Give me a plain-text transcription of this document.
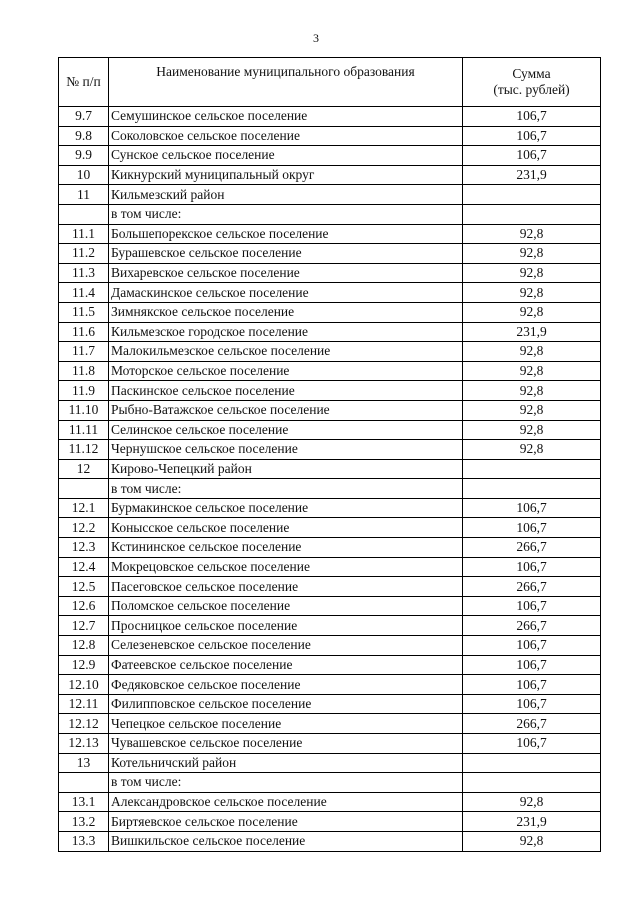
3
№ п/п	Наименование муниципального образования	Сумма
(тыс. рублей)

9.7	Семушинское сельское поселение	106,7
9.8	Соколовское сельское поселение	106,7
9.9	Сунское сельское поселение	106,7
10	Кикнурский муниципальный округ	231,9
11	Кильмезский район	
	в том числе:	
11.1	Большепорекское сельское поселение	92,8
11.2	Бурашевское сельское поселение	92,8
11.3	Вихаревское сельское поселение	92,8
11.4	Дамаскинское сельское поселение	92,8
11.5	Зимнякское сельское поселение	92,8
11.6	Кильмезское городское поселение	231,9
11.7	Малокильмезское сельское поселение	92,8
11.8	Моторское сельское поселение	92,8
11.9	Паскинское сельское поселение	92,8
11.10	Рыбно-Ватажское сельское поселение	92,8
11.11	Селинское сельское поселение	92,8
11.12	Чернушское сельское поселение	92,8
12	Кирово-Чепецкий район	
	в том числе:	
12.1	Бурмакинское сельское поселение	106,7
12.2	Конысское сельское поселение	106,7
12.3	Кстининское сельское поселение	266,7
12.4	Мокрецовское сельское поселение	106,7
12.5	Пасеговское сельское поселение	266,7
12.6	Поломское сельское поселение	106,7
12.7	Просницкое сельское поселение	266,7
12.8	Селезеневское сельское поселение	106,7
12.9	Фатеевское сельское поселение	106,7
12.10	Федяковское сельское поселение	106,7
12.11	Филипповское сельское поселение	106,7
12.12	Чепецкое сельское поселение	266,7
12.13	Чувашевское сельское поселение	106,7
13	Котельничский район	
	в том числе:	
13.1	Александровское сельское поселение	92,8
13.2	Биртяевское сельское поселение	231,9
13.3	Вишкильское сельское поселение	92,8
